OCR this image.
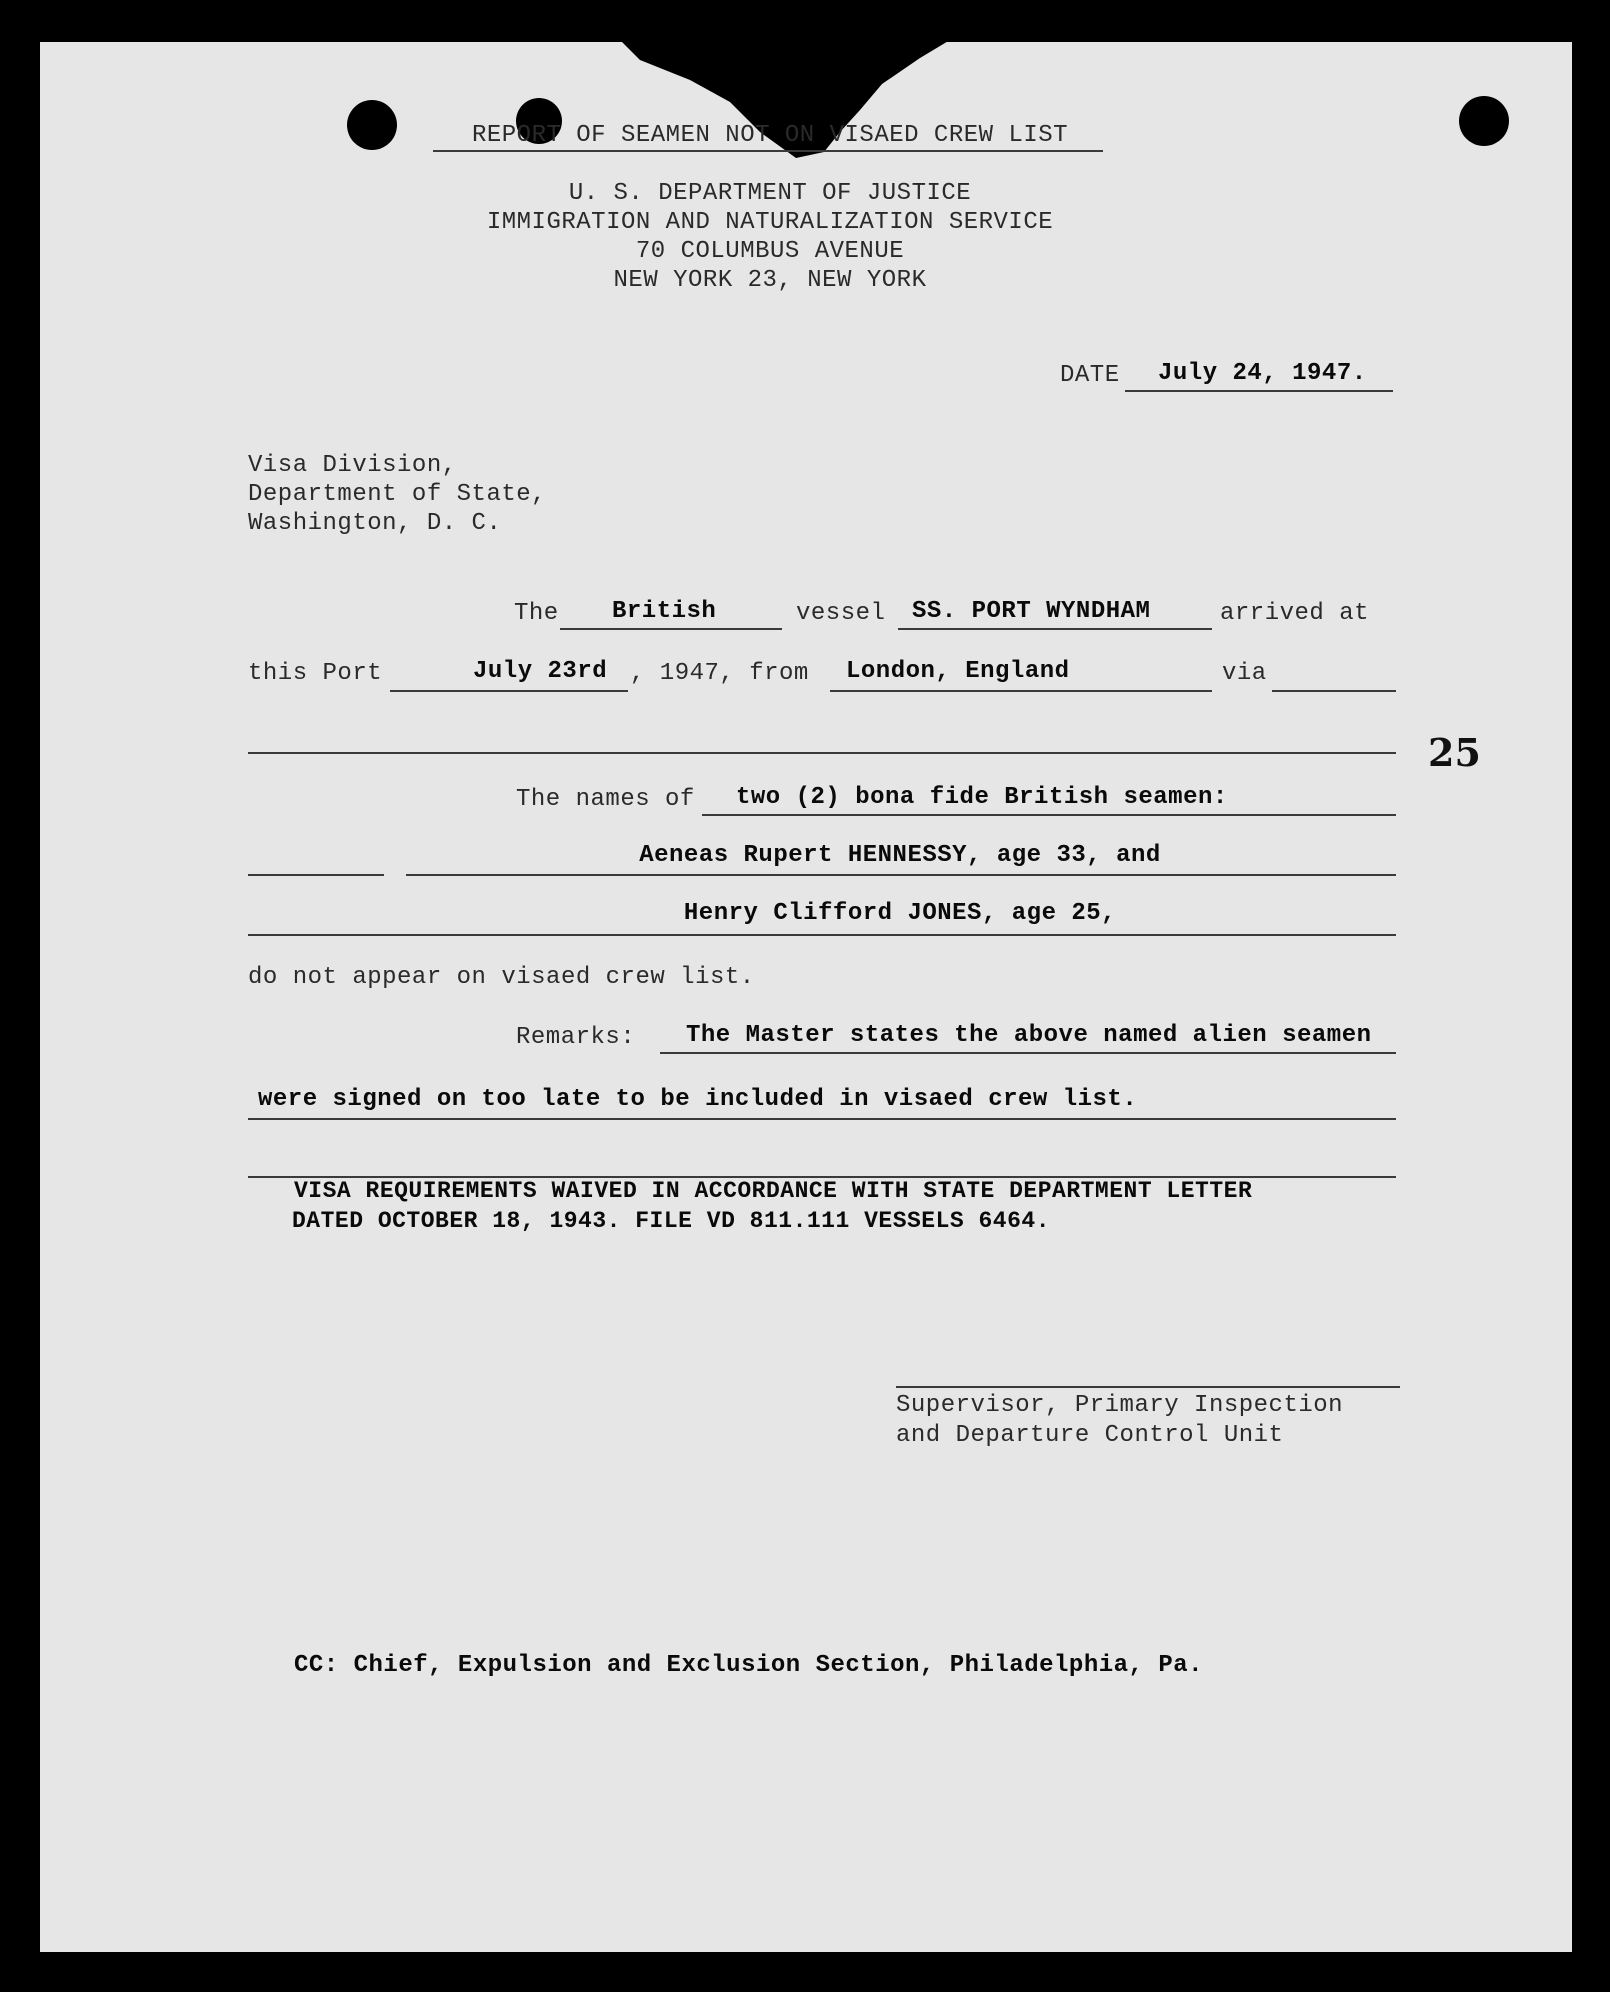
REPORT OF SEAMEN NOT ON VISAED CREW LIST
U. S. DEPARTMENT OF JUSTICE
IMMIGRATION AND NATURALIZATION SERVICE
70 COLUMBUS AVENUE
NEW YORK 23, NEW YORK
DATE July 24, 1947.
Visa Division,
Department of State,
Washington, D. C.
The British	vessel SS. PORT WYNDHAM	arrived at
this Port	July 23rd , 1947, from London, England	via
25
The names of two (2) bona fide British seamen:
Aeneas Rupert HENNESSY, age 33, and
Henry Clifford JONES, age 25,
do not appear on visaed crew list.
Remarks: The Master states the above named alien seamen
were signed on too late to be included in visaed crew list.
VISA REQUIREMENTS WAIVED IN ACCORDANCE WITH STATE DEPARTMENT LETTER
DATED OCTOBER 18, 1943. FILE VD 811.111 VESSELS 6464.
Supervisor, Primary Inspection
and Departure Control Unit
CC: Chief, Expulsion and Exclusion Section, Philadelphia, Pa.
